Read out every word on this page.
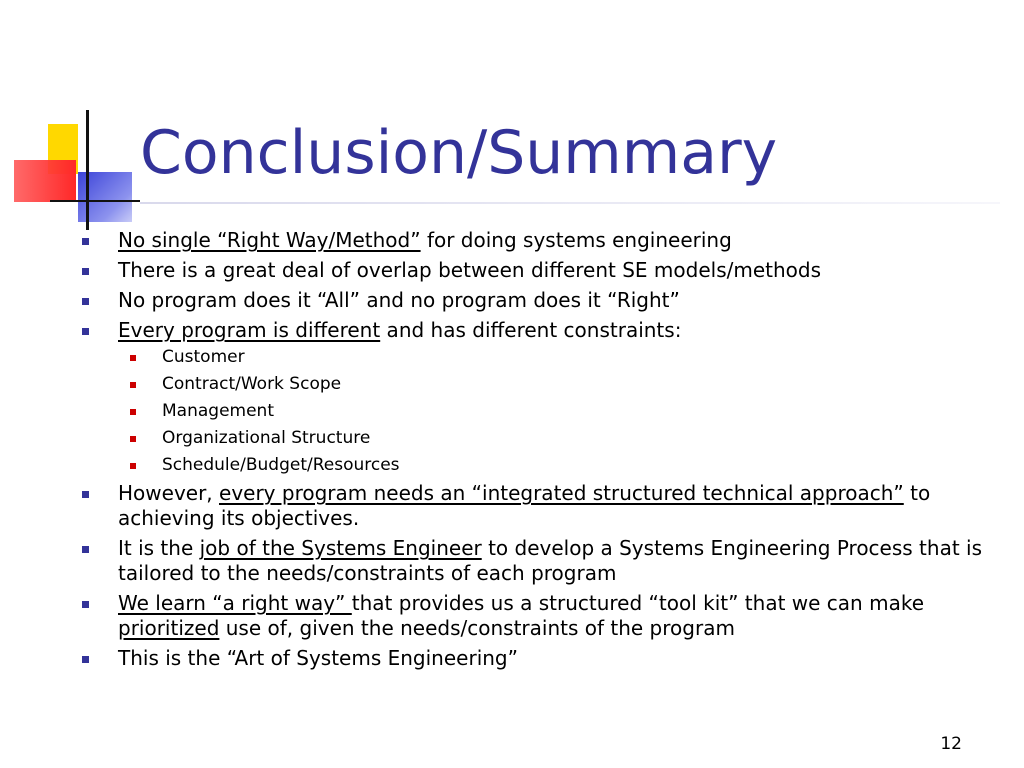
Conclusion/Summary
No single “Right Way/Method” for doing systems engineering
There is a great deal of overlap between different SE models/methods
No program does it “All” and no program does it “Right”
Every program is different and has different constraints:
Customer
Contract/Work Scope
Management
Organizational Structure
Schedule/Budget/Resources
However, every program needs an “integrated structured technical approach” to achieving its objectives.
It is the job of the Systems Engineer to develop a Systems Engineering Process that is tailored to the needs/constraints of each program
We learn “a right way” that provides us a structured “tool kit” that we can make prioritized use of, given the needs/constraints of the program
This is the “Art of Systems Engineering”
12
